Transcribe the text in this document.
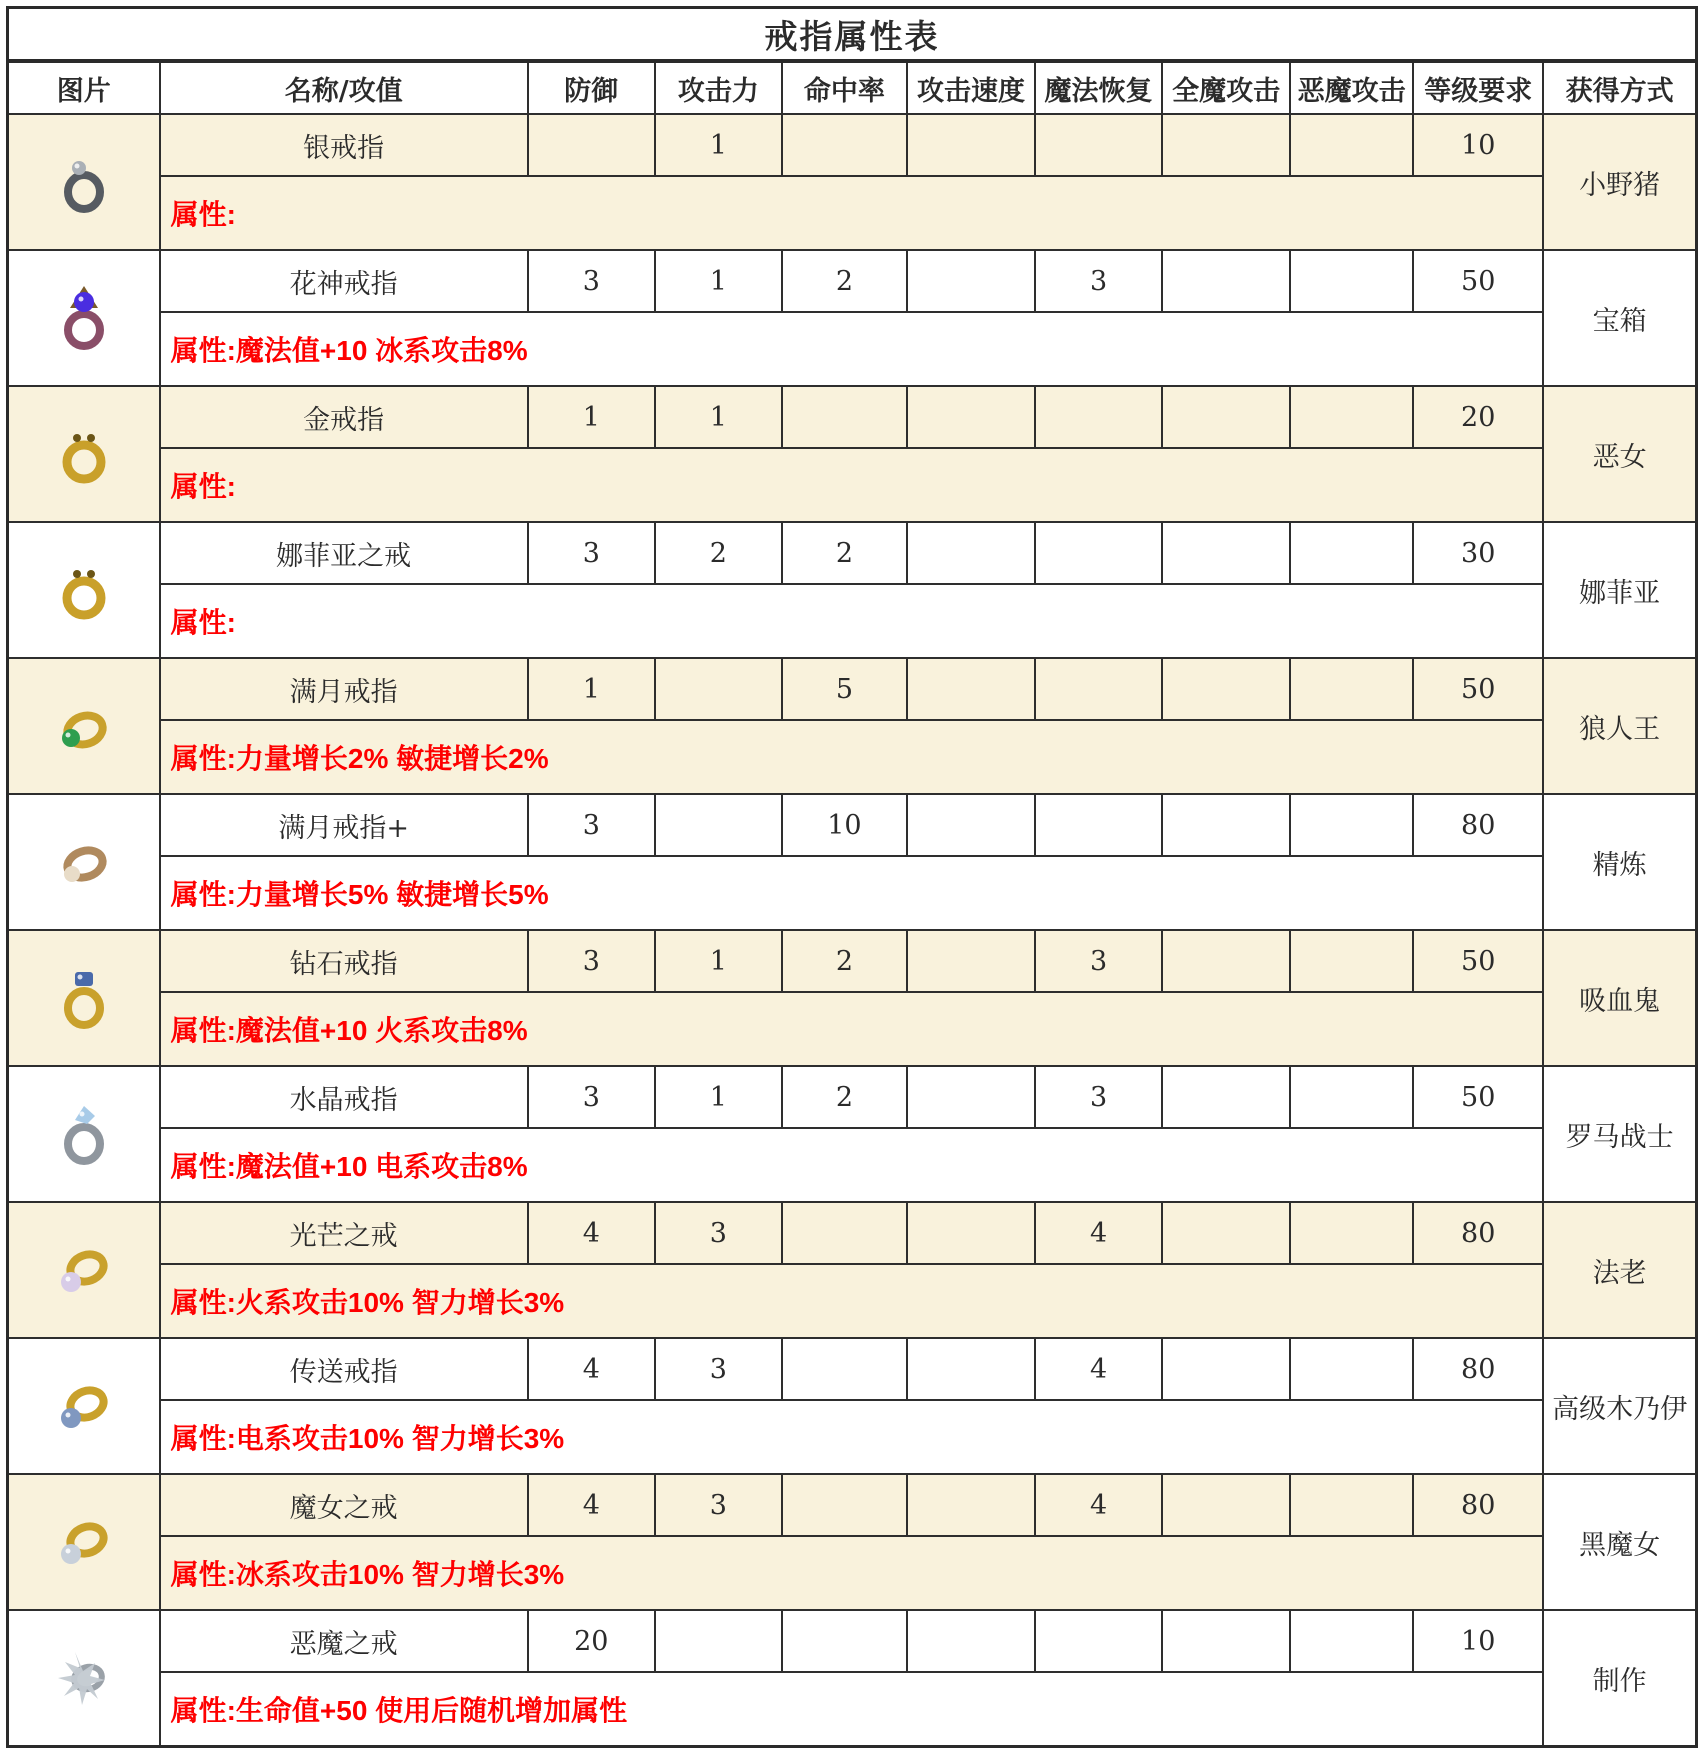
戒指属性表										
图片	名称/攻值	防御	攻击力	命中率	攻击速度	魔法恢复	全魔攻击	恶魔攻击	等级要求	获得方式
	银戒指		1						10	小野猪
	属性:									
	花神戒指	3	1	2		3			50	宝箱
	属性:魔法值+10 冰系攻击8%									
	金戒指	1	1						20	恶女
	属性:									
	娜菲亚之戒	3	2	2					30	娜菲亚
	属性:									
	满月戒指	1		5					50	狼人王
	属性:力量增长2% 敏捷增长2%									
	满月戒指+	3		10					80	精炼
	属性:力量增长5% 敏捷增长5%									
	钻石戒指	3	1	2		3			50	吸血鬼
	属性:魔法值+10 火系攻击8%									
	水晶戒指	3	1	2		3			50	罗马战士
	属性:魔法值+10 电系攻击8%									
	光芒之戒	4	3			4			80	法老
	属性:火系攻击10% 智力增长3%									
	传送戒指	4	3			4			80	高级木乃伊
	属性:电系攻击10% 智力增长3%									
	魔女之戒	4	3			4			80	黑魔女
	属性:冰系攻击10% 智力增长3%									
	恶魔之戒	20							10	制作
	属性:生命值+50 使用后随机增加属性									
